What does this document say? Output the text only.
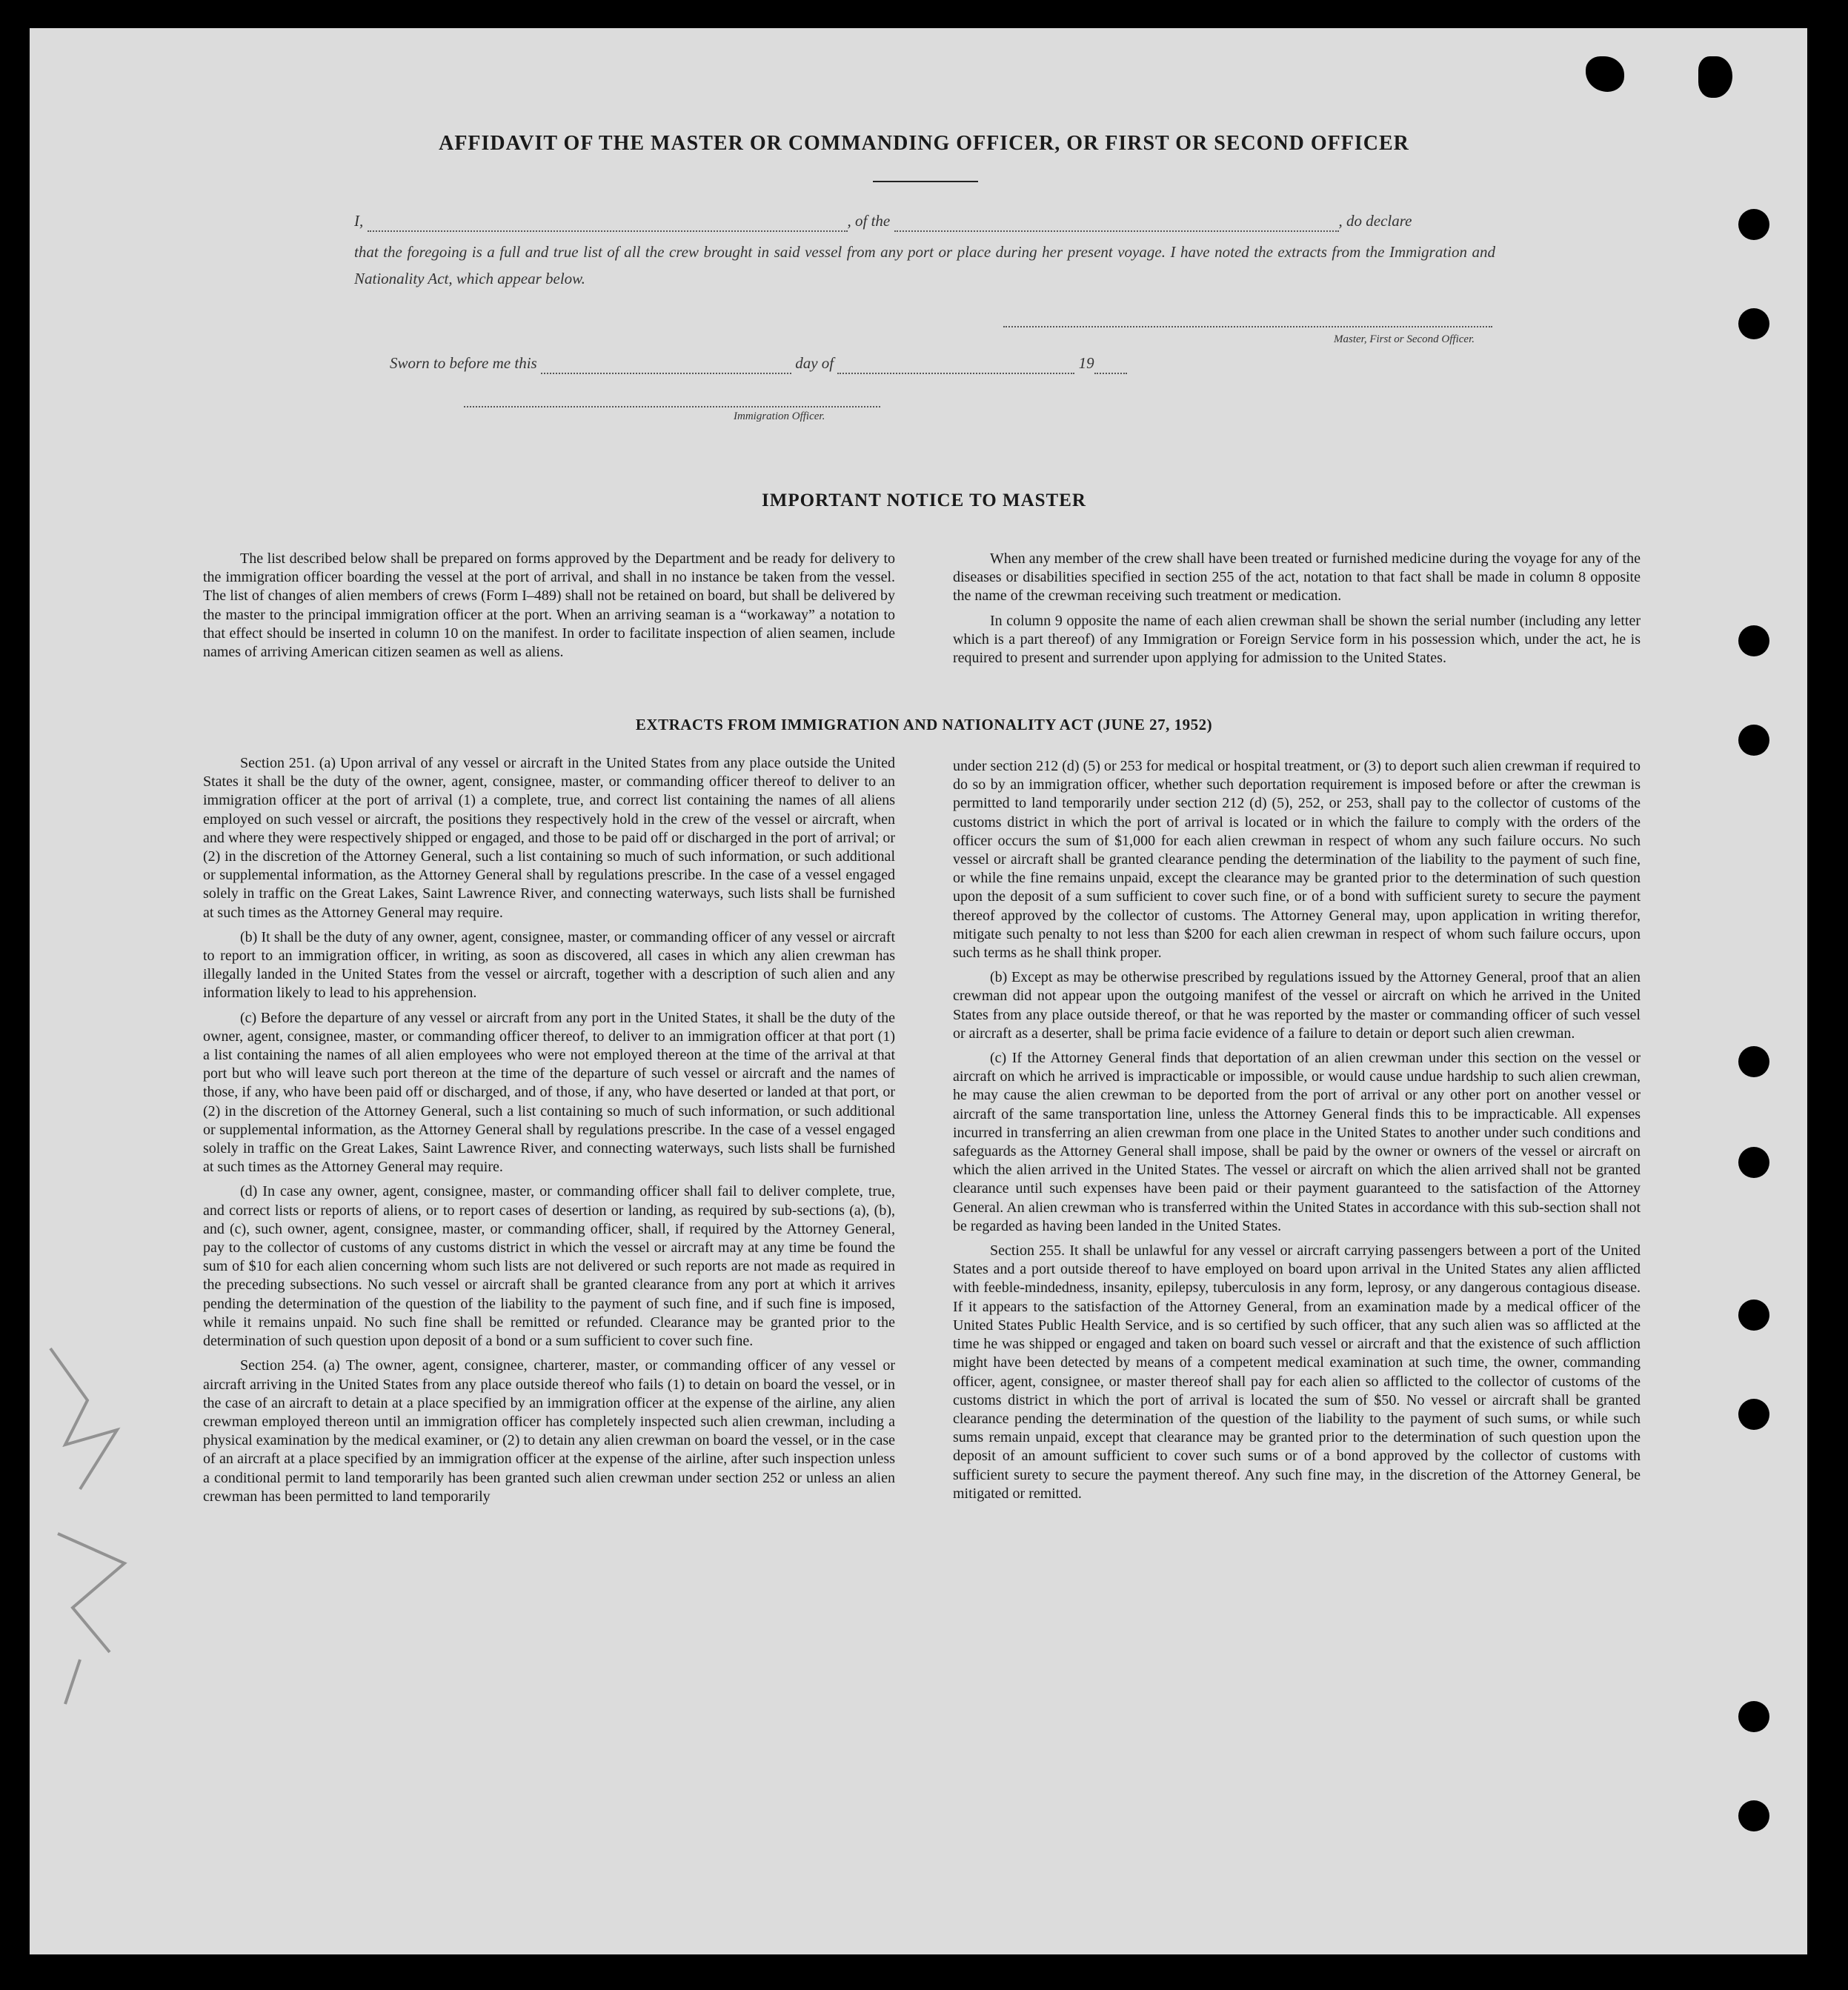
AFFIDAVIT OF THE MASTER OR COMMANDING OFFICER, OR FIRST OR SECOND OFFICER
I,	, of the	, do declare
that the foregoing is a full and true list of all the crew brought in said vessel from any port or place during her present voyage. I have noted the extracts from the Immigration and Nationality Act, which appear below.
Master, First or Second Officer.
Sworn to before me this	day of	19
Immigration Officer.
IMPORTANT NOTICE TO MASTER

The list described below shall be prepared on forms approved by the Department and be ready for delivery to the immigration officer boarding the vessel at the port of arrival, and shall in no instance be taken from the vessel. The list of changes of alien members of crews (Form I–489) shall not be retained on board, but shall be delivered by the master to the principal immigration officer at the port. When an arriving seaman is a “workaway” a notation to that effect should be inserted in column 10 on the manifest. In order to facilitate inspection of alien seamen, include names of arriving American citizen seamen as well as aliens.

When any member of the crew shall have been treated or furnished medicine during the voyage for any of the diseases or disabilities specified in section 255 of the act, notation to that fact shall be made in column 8 opposite the name of the crewman receiving such treatment or medication.

In column 9 opposite the name of each alien crewman shall be shown the serial number (including any letter which is a part thereof) of any Immigration or Foreign Service form in his possession which, under the act, he is required to present and surrender upon applying for admission to the United States.

EXTRACTS FROM IMMIGRATION AND NATIONALITY ACT (JUNE 27, 1952)

Section 251. (a) Upon arrival of any vessel or aircraft in the United States from any place outside the United States it shall be the duty of the owner, agent, consignee, master, or commanding officer thereof to deliver to an immigration officer at the port of arrival (1) a complete, true, and correct list containing the names of all aliens employed on such vessel or aircraft, the positions they respectively hold in the crew of the vessel or aircraft, when and where they were respectively shipped or engaged, and those to be paid off or discharged in the port of arrival; or (2) in the discretion of the Attorney General, such a list containing so much of such information, or such additional or supplemental information, as the Attorney General shall by regulations prescribe. In the case of a vessel engaged solely in traffic on the Great Lakes, Saint Lawrence River, and connecting waterways, such lists shall be furnished at such times as the Attorney General may require.

(b) It shall be the duty of any owner, agent, consignee, master, or commanding officer of any vessel or aircraft to report to an immigration officer, in writing, as soon as discovered, all cases in which any alien crewman has illegally landed in the United States from the vessel or aircraft, together with a description of such alien and any information likely to lead to his apprehension.

(c) Before the departure of any vessel or aircraft from any port in the United States, it shall be the duty of the owner, agent, consignee, master, or commanding officer thereof, to deliver to an immigration officer at that port (1) a list containing the names of all alien employees who were not employed thereon at the time of the arrival at that port but who will leave such port thereon at the time of the departure of such vessel or aircraft and the names of those, if any, who have been paid off or discharged, and of those, if any, who have deserted or landed at that port, or (2) in the discretion of the Attorney General, such a list containing so much of such information, or such additional or supplemental information, as the Attorney General shall by regulations prescribe. In the case of a vessel engaged solely in traffic on the Great Lakes, Saint Lawrence River, and connecting waterways, such lists shall be furnished at such times as the Attorney General may require.

(d) In case any owner, agent, consignee, master, or commanding officer shall fail to deliver complete, true, and correct lists or reports of aliens, or to report cases of desertion or landing, as required by sub-sections (a), (b), and (c), such owner, agent, consignee, master, or commanding officer, shall, if required by the Attorney General, pay to the collector of customs of any customs district in which the vessel or aircraft may at any time be found the sum of $10 for each alien concerning whom such lists are not delivered or such reports are not made as required in the preceding subsections. No such vessel or aircraft shall be granted clearance from any port at which it arrives pending the determination of the question of the liability to the payment of such fine, and if such fine is imposed, while it remains unpaid. No such fine shall be remitted or refunded. Clearance may be granted prior to the determination of such question upon deposit of a bond or a sum sufficient to cover such fine.

Section 254. (a) The owner, agent, consignee, charterer, master, or commanding officer of any vessel or aircraft arriving in the United States from any place outside thereof who fails (1) to detain on board the vessel, or in the case of an aircraft to detain at a place specified by an immigration officer at the expense of the airline, any alien crewman employed thereon until an immigration officer has completely inspected such alien crewman, including a physical examination by the medical examiner, or (2) to detain any alien crewman on board the vessel, or in the case of an aircraft at a place specified by an immigration officer at the expense of the airline, after such inspection unless a conditional permit to land temporarily has been granted such alien crewman under section 252 or unless an alien crewman has been permitted to land temporarily

under section 212 (d) (5) or 253 for medical or hospital treatment, or (3) to deport such alien crewman if required to do so by an immigration officer, whether such deportation requirement is imposed before or after the crewman is permitted to land temporarily under section 212 (d) (5), 252, or 253, shall pay to the collector of customs of the customs district in which the port of arrival is located or in which the failure to comply with the orders of the officer occurs the sum of $1,000 for each alien crewman in respect of whom any such failure occurs. No such vessel or aircraft shall be granted clearance pending the determination of the liability to the payment of such fine, or while the fine remains unpaid, except the clearance may be granted prior to the determination of such question upon the deposit of a sum sufficient to cover such fine, or of a bond with sufficient surety to secure the payment thereof approved by the collector of customs. The Attorney General may, upon application in writing therefor, mitigate such penalty to not less than $200 for each alien crewman in respect of whom such failure occurs, upon such terms as he shall think proper.

(b) Except as may be otherwise prescribed by regulations issued by the Attorney General, proof that an alien crewman did not appear upon the outgoing manifest of the vessel or aircraft on which he arrived in the United States from any place outside thereof, or that he was reported by the master or commanding officer of such vessel or aircraft as a deserter, shall be prima facie evidence of a failure to detain or deport such alien crewman.

(c) If the Attorney General finds that deportation of an alien crewman under this section on the vessel or aircraft on which he arrived is impracticable or impossible, or would cause undue hardship to such alien crewman, he may cause the alien crewman to be deported from the port of arrival or any other port on another vessel or aircraft of the same transportation line, unless the Attorney General finds this to be impracticable. All expenses incurred in transferring an alien crewman from one place in the United States to another under such conditions and safeguards as the Attorney General shall impose, shall be paid by the owner or owners of the vessel or aircraft on which the alien arrived in the United States. The vessel or aircraft on which the alien arrived shall not be granted clearance until such expenses have been paid or their payment guaranteed to the satisfaction of the Attorney General. An alien crewman who is transferred within the United States in accordance with this sub-section shall not be regarded as having been landed in the United States.

Section 255. It shall be unlawful for any vessel or aircraft carrying passengers between a port of the United States and a port outside thereof to have employed on board upon arrival in the United States any alien afflicted with feeble-mindedness, insanity, epilepsy, tuberculosis in any form, leprosy, or any dangerous contagious disease. If it appears to the satisfaction of the Attorney General, from an examination made by a medical officer of the United States Public Health Service, and is so certified by such officer, that any such alien was so afflicted at the time he was shipped or engaged and taken on board such vessel or aircraft and that the existence of such affliction might have been detected by means of a competent medical examination at such time, the owner, commanding officer, agent, consignee, or master thereof shall pay for each alien so afflicted to the collector of customs of the customs district in which the port of arrival is located the sum of $50. No vessel or aircraft shall be granted clearance pending the determination of the question of the liability to the payment of such sums, or while such sums remain unpaid, except that clearance may be granted prior to the determination of such question upon the deposit of an amount sufficient to cover such sums or of a bond approved by the collector of customs with sufficient surety to secure the payment thereof. Any such fine may, in the discretion of the Attorney General, be mitigated or remitted.
